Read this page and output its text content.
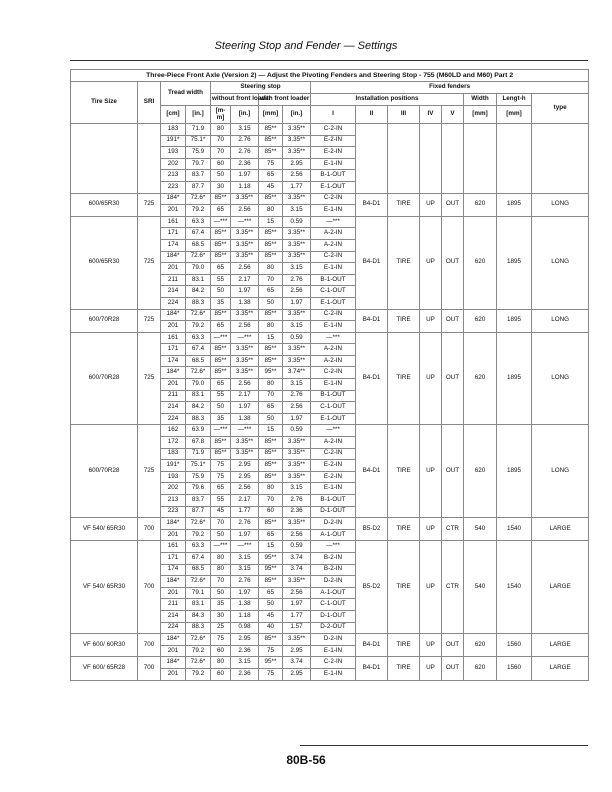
Steering Stop and Fender — Settings
Three-Piece Front Axle (Version 2) — Adjust the Pivoting Fenders and Steering Stop - 755 (M60LD and M60) Part 2															
Tire Size	SRI	Tread width		Steering stop				Fixed fenders							
				without front loader		with front loader		Installation positions					Width	Lengt-h	type
		[cm]	[in.]	[m-m]	[in.]	[mm]	[in.]	I	II	III	IV	V	[mm]	[mm]	
		183	71.9	80	3.15	85**	3.35**	C-2-IN							
		191*	75.1*	70	2.76	85**	3.35**	E-2-IN							
		193	75.9	70	2.76	85**	3.35**	E-2-IN							
		202	79.7	60	2.36	75	2.95	E-1-IN							
		213	83.7	50	1.97	65	2.56	B-1-OUT							
		223	87.7	30	1.18	45	1.77	E-1-OUT							
600/65R30	725	184*	72.6*	85**	3.35**	85**	3.35**	C-2-IN	B4-D1	TIRE	UP	OUT	620	1895	LONG
		201	79.2	65	2.56	80	3.15	E-1-IN							
600/65R30	725	161	63.3	—***	—***	15	0.59	—***	B4-D1	TIRE	UP	OUT	620	1895	LONG
		171	67.4	85**	3.35**	85**	3.35**	A-2-IN							
		174	68.5	85**	3.35**	85**	3.35**	A-2-IN							
		184*	72.6*	85**	3.35**	85**	3.35**	C-2-IN							
		201	79.0	65	2.56	80	3.15	E-1-IN							
		211	83.1	55	2.17	70	2.76	B-1-OUT							
		214	84.2	50	1.97	65	2.56	C-1-OUT							
		224	88.3	35	1.38	50	1.97	E-1-OUT							
600/70R28	725	184*	72.6*	85**	3.35**	85**	3.35**	C-2-IN	B4-D1	TIRE	UP	OUT	620	1895	LONG
		201	79.2	65	2.56	80	3.15	E-1-IN							
600/70R28	725	161	63.3	—***	—***	15	0.59	—***	B4-D1	TIRE	UP	OUT	620	1895	LONG
		171	67.4	85**	3.35**	85**	3.35**	A-2-IN							
		174	68.5	85**	3.35**	85**	3.35**	A-2-IN							
		184*	72.6*	85**	3.35**	95**	3.74**	C-2-IN							
		201	79.0	65	2.56	80	3.15	E-1-IN							
		211	83.1	55	2.17	70	2.76	B-1-OUT							
		214	84.2	50	1.97	65	2.56	C-1-OUT							
		224	88.3	35	1.38	50	1.97	E-1-OUT							
600/70R28	725	162	63.9	—***	—***	15	0.59	—***	B4-D1	TIRE	UP	OUT	620	1895	LONG
		172	67.8	85**	3.35**	85**	3.35**	A-2-IN							
		183	71.9	85**	3.35**	85**	3.35**	C-2-IN							
		191*	75.1*	75	2.95	85**	3.35**	E-2-IN							
		193	75.9	75	2.95	85**	3.35**	E-2-IN							
		202	79.6	65	2.56	80	3.15	E-1-IN							
		213	83.7	55	2.17	70	2.76	B-1-OUT							
		223	87.7	45	1.77	60	2.36	D-1-OUT							
VF 540/ 65R30	700	184*	72.6*	70	2.76	85**	3.35**	D-2-IN	B5-D2	TIRE	UP	CTR	540	1540	LARGE
		201	79.2	50	1.97	65	2.56	A-1-OUT							
VF 540/ 65R30	700	161	63.3	—***	—***	15	0.59	—***	B5-D2	TIRE	UP	CTR	540	1540	LARGE
		171	67.4	80	3.15	95**	3.74	B-2-IN							
		174	68.5	80	3.15	95**	3.74	B-2-IN							
		184*	72.6*	70	2.76	85**	3.35**	D-2-IN							
		201	79.1	50	1.97	65	2.56	A-1-OUT							
		211	83.1	35	1.38	50	1.97	C-1-OUT							
		214	84.3	30	1.18	45	1.77	D-1-OUT							
		224	88.3	25	0.98	40	1.57	D-2-OUT							
VF 600/ 60R30	700	184*	72.6*	75	2.95	85**	3.35**	D-2-IN	B4-D1	TIRE	UP	OUT	620	1560	LARGE
		201	79.2	60	2.36	75	2.95	E-1-IN							
VF 600/ 65R28	700	184*	72.6*	80	3.15	95**	3.74	C-2-IN	B4-D1	TIRE	UP	OUT	620	1560	LARGE
		201	79.2	60	2.36	75	2.95	E-1-IN							
80B-56
